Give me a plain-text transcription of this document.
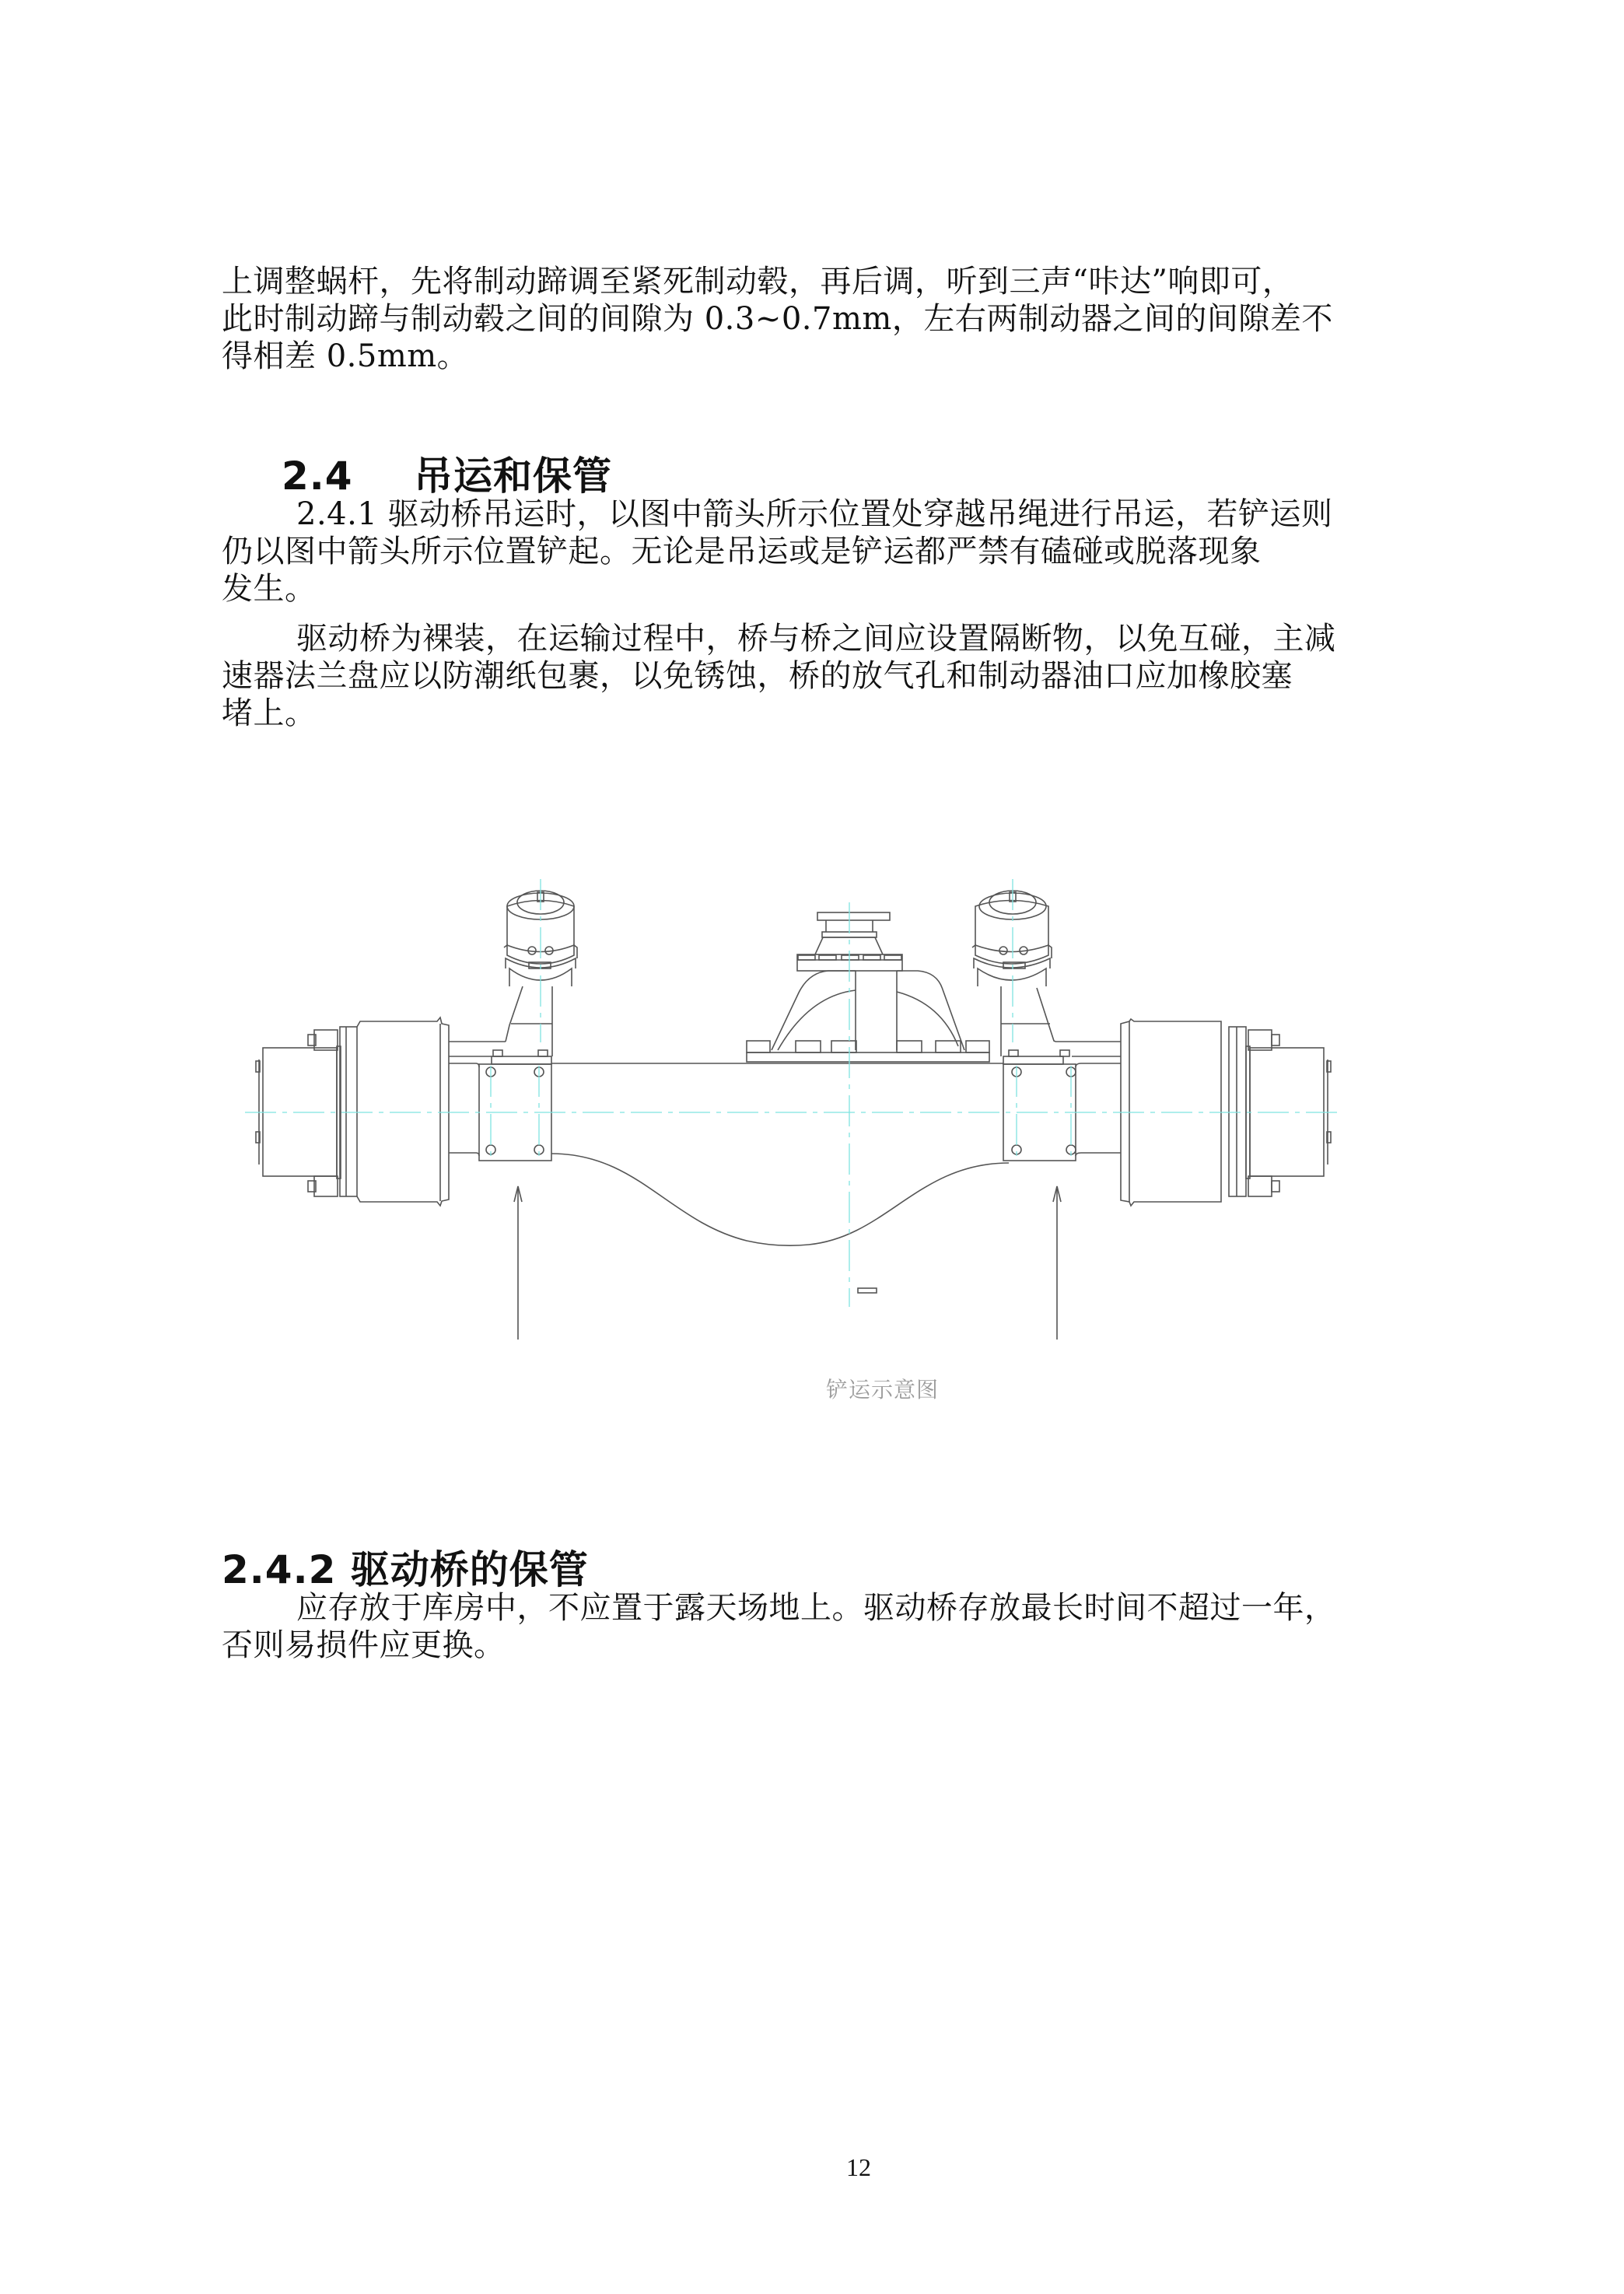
上调整蜗杆，先将制动蹄调至紧死制动毂，再后调，听到三声“咔达”响即可，
此时制动蹄与制动毂之间的间隙为 0.3~0.7mm，左右两制动器之间的间隙差不
得相差 0.5mm。
2.4 吊运和保管
2.4.1 驱动桥吊运时，以图中箭头所示位置处穿越吊绳进行吊运，若铲运则
仍以图中箭头所示位置铲起。无论是吊运或是铲运都严禁有磕碰或脱落现象
发生。
驱动桥为裸装，在运输过程中，桥与桥之间应设置隔断物，以免互碰，主减
速器法兰盘应以防潮纸包裹，以免锈蚀，桥的放气孔和制动器油口应加橡胶塞
堵上。
铲运示意图
2.4.2 驱动桥的保管
应存放于库房中，不应置于露天场地上。驱动桥存放最长时间不超过一年，
否则易损件应更换。
12
